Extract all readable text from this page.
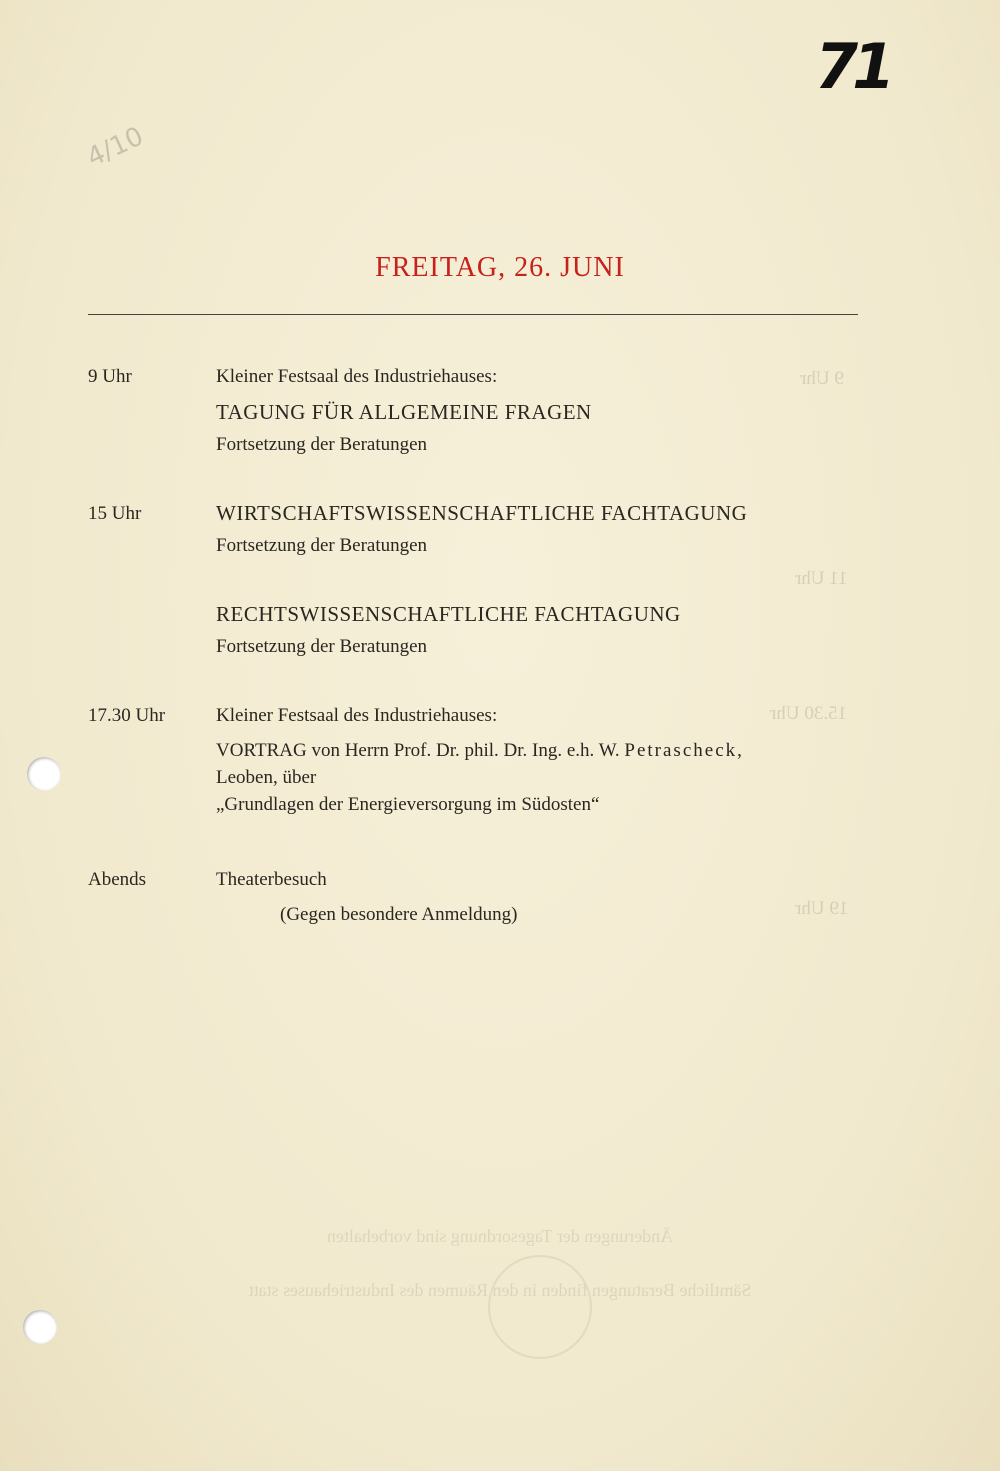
71
4/10
9 Uhr
11 Uhr
15.30 Uhr
19 Uhr
Änderungen der Tagesordnung sind vorbehalten
Sämtliche Beratungen finden in den Räumen des Industriehauses statt
FREITAG, 26. JUNI
9 Uhr	Kleiner Festsaal des Industriehauses:
TAGUNG FÜR ALLGEMEINE FRAGEN
Fortsetzung der Beratungen
15 Uhr	WIRTSCHAFTSWISSENSCHAFTLICHE FACHTAGUNG
Fortsetzung der Beratungen
RECHTSWISSENSCHAFTLICHE FACHTAGUNG
Fortsetzung der Beratungen
17.30 Uhr	Kleiner Festsaal des Industriehauses:
VORTRAG von Herrn Prof. Dr. phil. Dr. Ing. e.h. W. Petrascheck,
Leoben, über
„Grundlagen der Energieversorgung im Südosten“
Abends	Theaterbesuch
(Gegen besondere Anmeldung)
